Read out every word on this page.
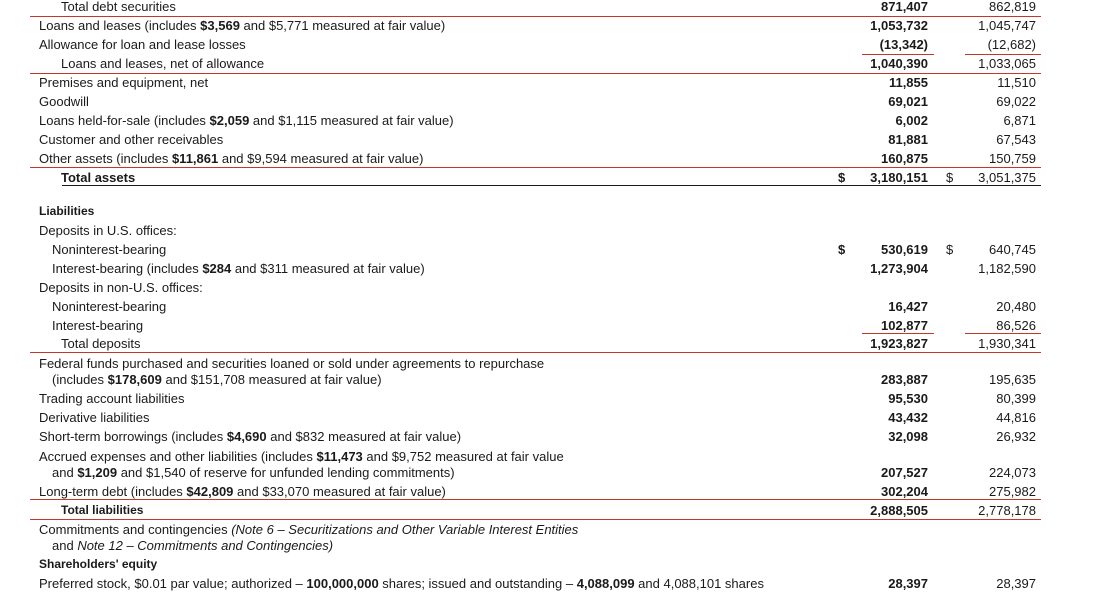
Total debt securities	871,407	862,819
Loans and leases (includes $3,569 and $5,771 measured at fair value)	1,053,732	1,045,747
Allowance for loan and lease losses	(13,342)	(12,682)
Loans and leases, net of allowance	1,040,390	1,033,065
Premises and equipment, net	11,855	11,510
Goodwill	69,021	69,022
Loans held-for-sale (includes $2,059 and $1,115 measured at fair value)	6,002	6,871
Customer and other receivables	81,881	67,543
Other assets (includes $11,861 and $9,594 measured at fair value)	160,875	150,759
Total assets	$ 3,180,151 $ 3,051,375
Liabilities
Deposits in U.S. offices:
Noninterest-bearing	$	530,619 $	640,745
Interest-bearing (includes $284 and $311 measured at fair value)	1,273,904	1,182,590
Deposits in non-U.S. offices:
Noninterest-bearing	16,427	20,480
Interest-bearing	102,877	86,526
Total deposits	1,923,827	1,930,341
Federal funds purchased and securities loaned or sold under agreements to repurchase
(includes $178,609 and $151,708 measured at fair value)	283,887	195,635
Trading account liabilities	95,530	80,399
Derivative liabilities	43,432	44,816
Short-term borrowings (includes $4,690 and $832 measured at fair value)	32,098	26,932
Accrued expenses and other liabilities (includes $11,473 and $9,752 measured at fair value
and $1,209 and $1,540 of reserve for unfunded lending commitments)	207,527	224,073
Long-term debt (includes $42,809 and $33,070 measured at fair value)	302,204	275,982
Total liabilities	2,888,505	2,778,178
Commitments and contingencies (Note 6 – Securitizations and Other Variable Interest Entities
and Note 12 – Commitments and Contingencies)
Shareholders' equity
Preferred stock, $0.01 par value; authorized – 100,000,000 shares; issued and outstanding – 4,088,099 and 4,088,101 shares	28,397	28,397
